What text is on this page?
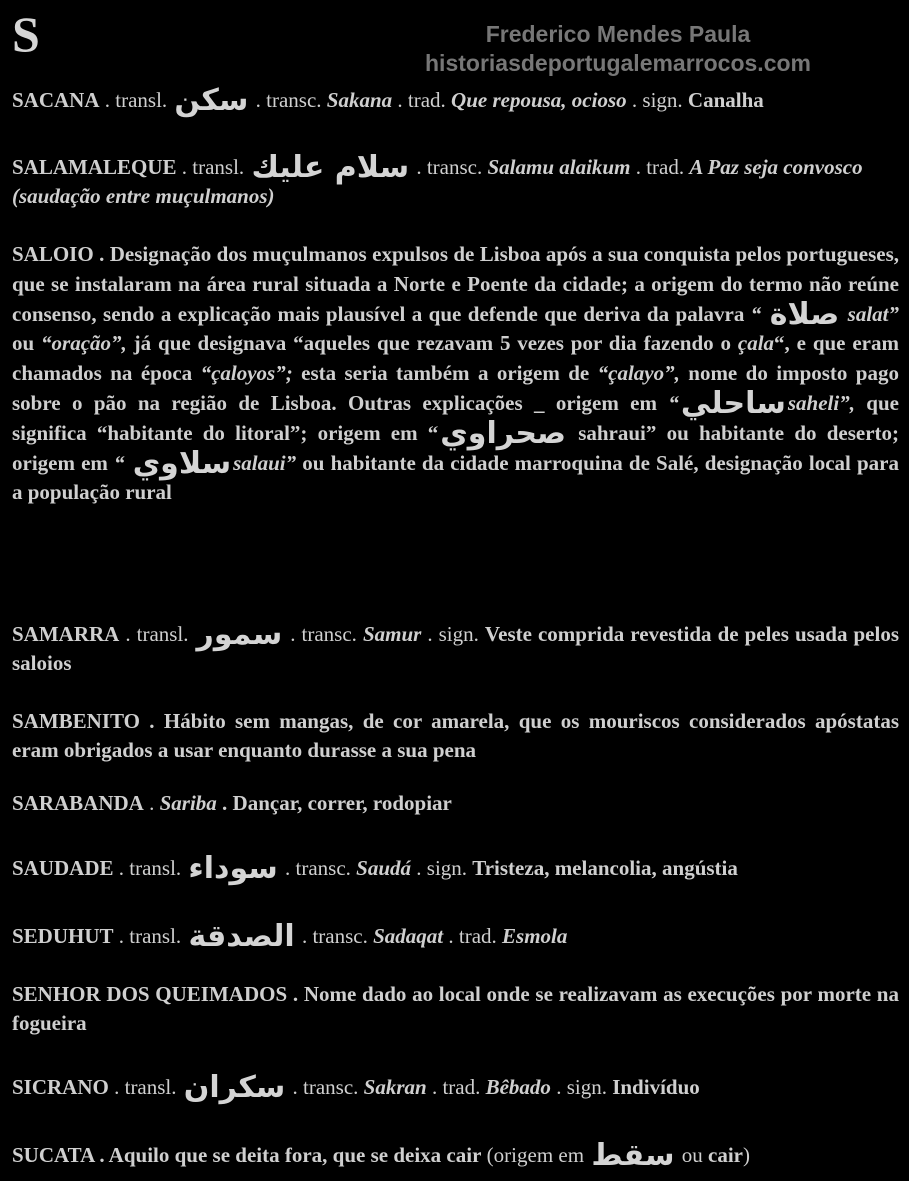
S	Frederico Mendes Paula
historiasdeportugalemarrocos.com
SACANA . transl. سكن . transc. Sakana . trad. Que repousa, ocioso . sign. Canalha
SALAMALEQUE . transl. سلام عليك . transc. Salamu alaikum . trad. A Paz seja convosco (saudação entre muçulmanos)
SALOIO . Designação dos muçulmanos expulsos de Lisboa após a sua conquista pelos portugueses, que se instalaram na área rural situada a Norte e Poente da cidade; a origem do termo não reúne consenso, sendo a explicação mais plausível a que defende que deriva da palavra “ صلاة salat” ou “oração”, já que designava “aqueles que rezavam 5 vezes por dia fazendo o çala“, e que eram chamados na época “çaloyos”; esta seria também a origem de “çalayo”, nome do imposto pago sobre o pão na região de Lisboa. Outras explicações _ origem em “ساحليsaheli”, que significa “habitante do litoral”; origem em “صحراوي sahraui” ou habitante do deserto; origem em “ سلاويsalaui” ou habitante da cidade marroquina de Salé, designação local para a população rural
SAMARRA . transl. سمور . transc. Samur . sign. Veste comprida revestida de peles usada pelos saloios
SAMBENITO . Hábito sem mangas, de cor amarela, que os mouriscos considerados apóstatas eram obrigados a usar enquanto durasse a sua pena
SARABANDA . Sariba . Dançar, correr, rodopiar
SAUDADE . transl. سوداء . transc. Saudá . sign. Tristeza, melancolia, angústia
SEDUHUT . transl. الصدقة . transc. Sadaqat . trad. Esmola
SENHOR DOS QUEIMADOS . Nome dado ao local onde se realizavam as execuções por morte na fogueira
SICRANO . transl. سكران . transc. Sakran . trad. Bêbado . sign. Indivíduo
SUCATA . Aquilo que se deita fora, que se deixa cair (origem em سقط ou cair)
